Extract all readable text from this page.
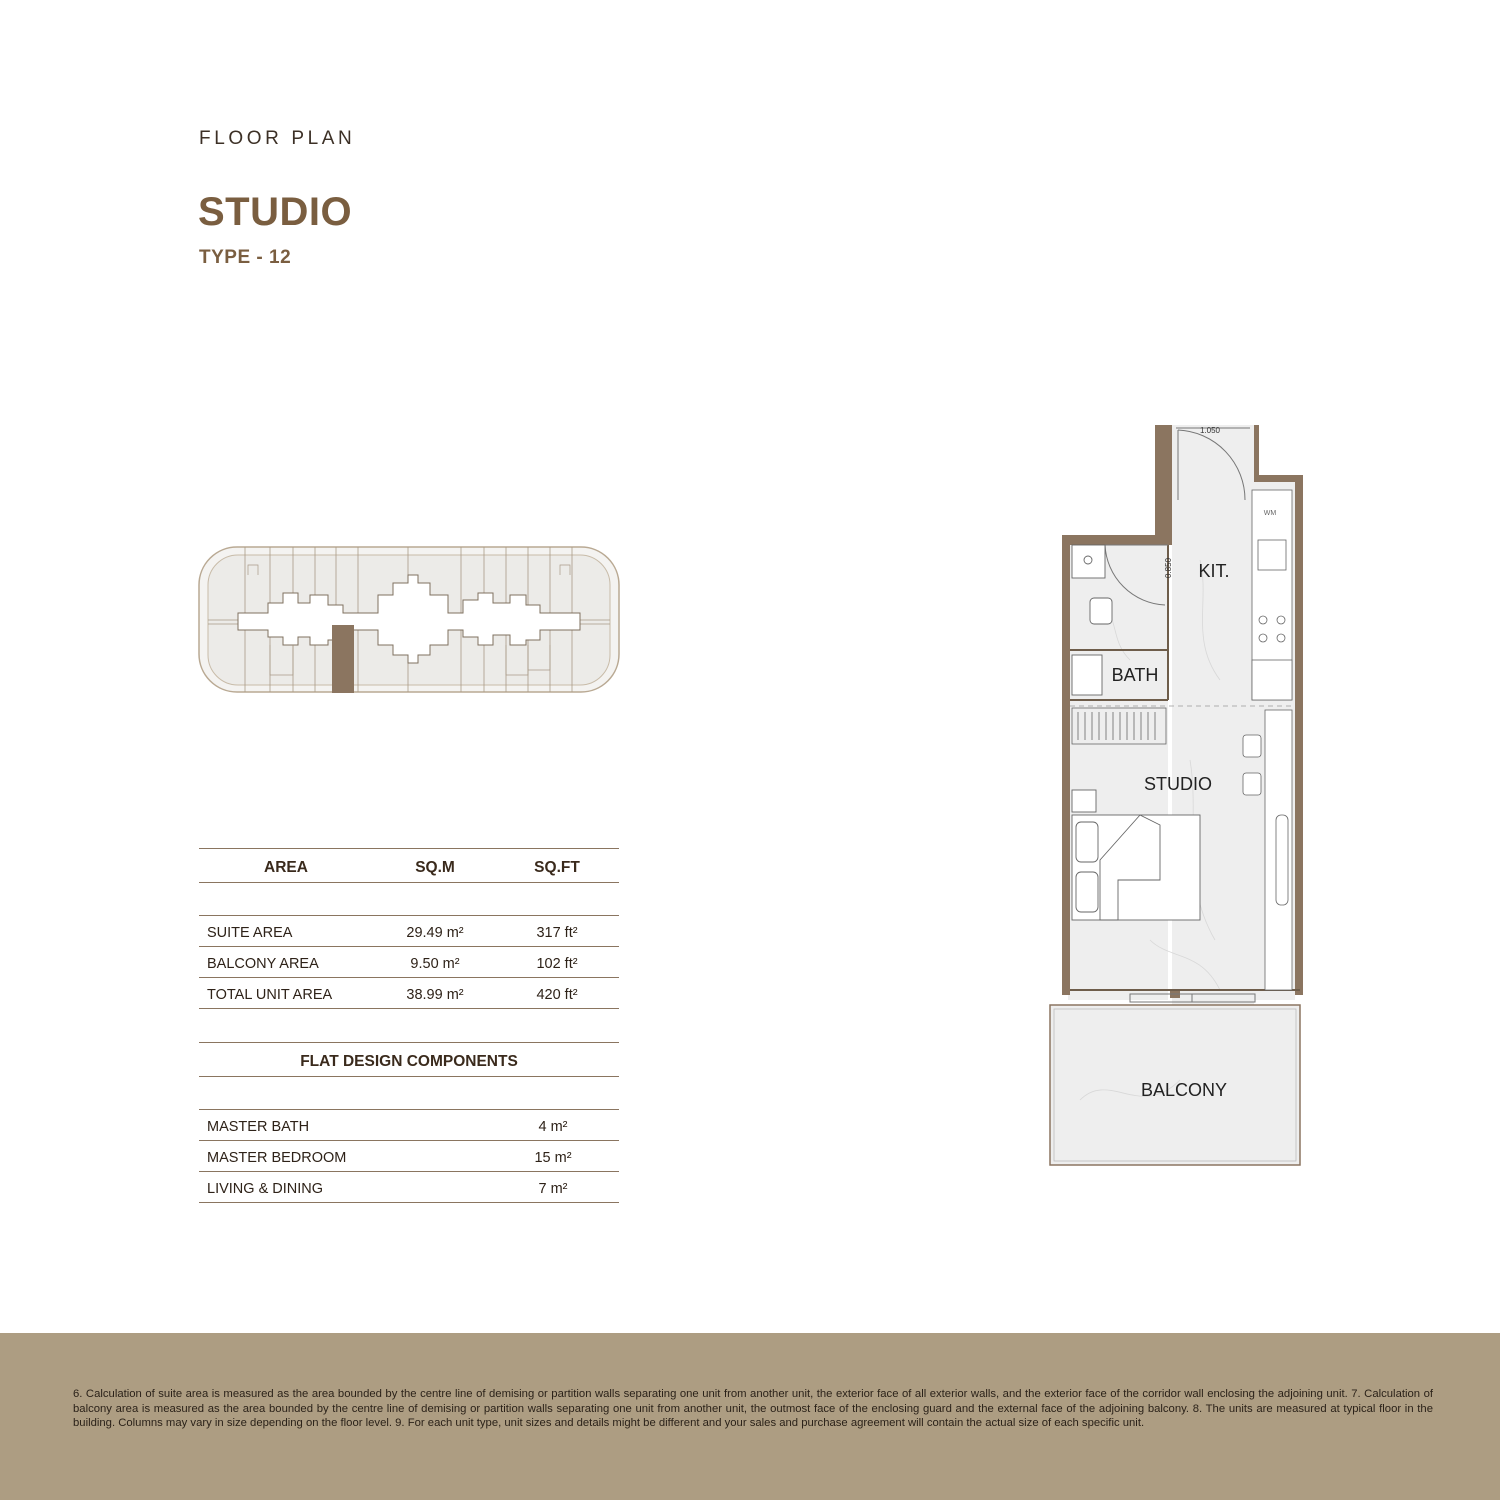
FLOOR PLAN
STUDIO
TYPE - 12
1.050
0.850
WM
KIT.
BATH
STUDIO
BALCONY
AREA	SQ.M	SQ.FT
SUITE AREA	29.49 m²	317 ft²
BALCONY AREA	9.50 m²	102 ft²
TOTAL UNIT AREA	38.99 m²	420 ft²
FLAT DESIGN COMPONENTS
MASTER BATH	4 m²
MASTER BEDROOM	15 m²
LIVING & DINING	7 m²
6. Calculation of suite area is measured as the area bounded by the centre line of demising or partition walls separating one unit from another unit, the exterior face of all exterior walls, and the exterior face of the corridor wall enclosing the adjoining unit. 7. Calculation of balcony area is measured as the area bounded by the centre line of demising or partition walls separating one unit from another unit, the outmost face of the enclosing guard and the external face of the adjoining balcony. 8. The units are measured at typical floor in the building. Columns may vary in size depending on the floor level. 9. For each unit type, unit sizes and details might be different and your sales and purchase agreement will contain the actual size of each specific unit.
